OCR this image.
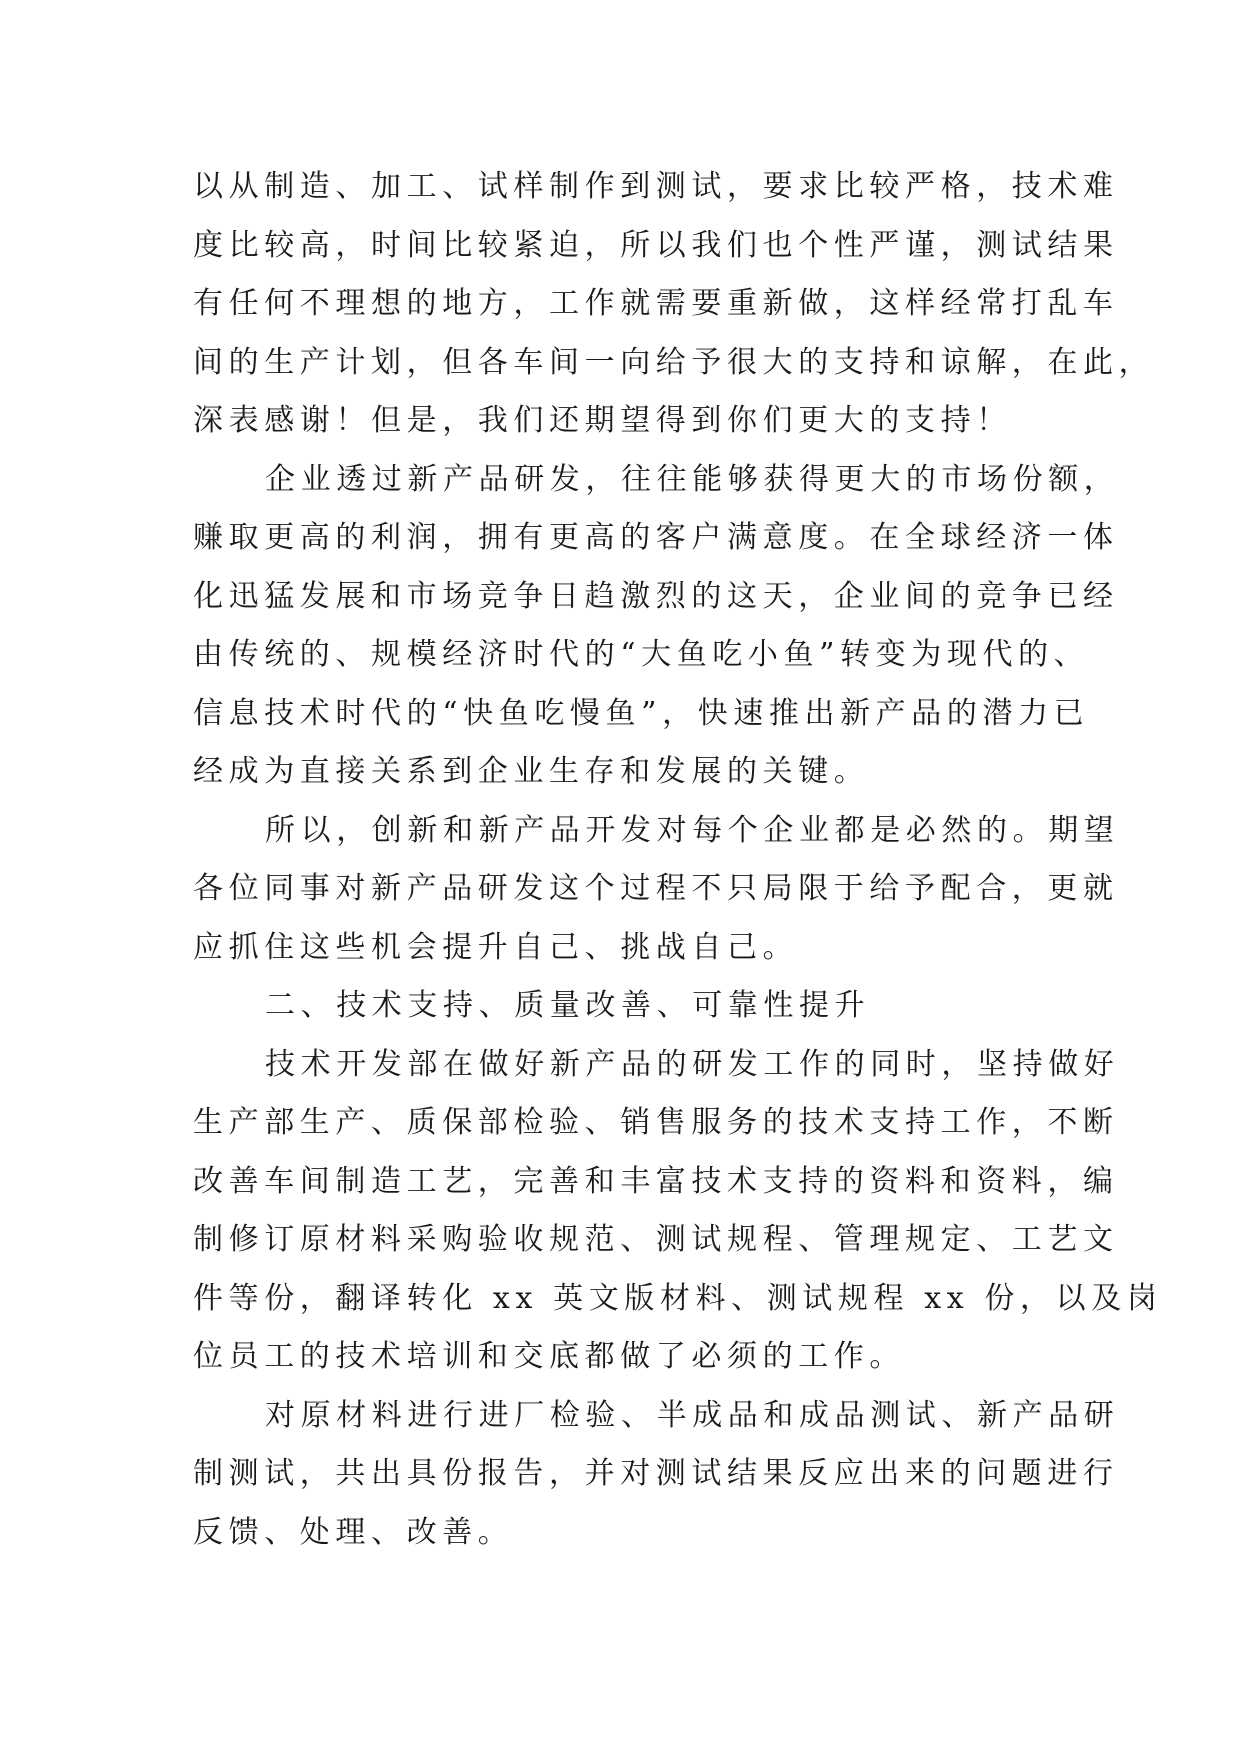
以从制造、加工、试样制作到测试，要求比较严格，技术难
度比较高，时间比较紧迫，所以我们也个性严谨，测试结果
有任何不理想的地方，工作就需要重新做，这样经常打乱车
间的生产计划，但各车间一向给予很大的支持和谅解，在此，
深表感谢！但是，我们还期望得到你们更大的支持！
企业透过新产品研发，往往能够获得更大的市场份额，
赚取更高的利润，拥有更高的客户满意度。在全球经济一体
化迅猛发展和市场竞争日趋激烈的这天，企业间的竞争已经
由传统的、规模经济时代的“大鱼吃小鱼”转变为现代的、
信息技术时代的“快鱼吃慢鱼”，快速推出新产品的潜力已
经成为直接关系到企业生存和发展的关键。
所以，创新和新产品开发对每个企业都是必然的。期望
各位同事对新产品研发这个过程不只局限于给予配合，更就
应抓住这些机会提升自己、挑战自己。
二、技术支持、质量改善、可靠性提升
技术开发部在做好新产品的研发工作的同时，坚持做好
生产部生产、质保部检验、销售服务的技术支持工作，不断
改善车间制造工艺，完善和丰富技术支持的资料和资料，编
制修订原材料采购验收规范、测试规程、管理规定、工艺文
件等份，翻译转化 xx 英文版材料、测试规程 xx 份，以及岗
位员工的技术培训和交底都做了必须的工作。
对原材料进行进厂检验、半成品和成品测试、新产品研
制测试，共出具份报告，并对测试结果反应出来的问题进行
反馈、处理、改善。
